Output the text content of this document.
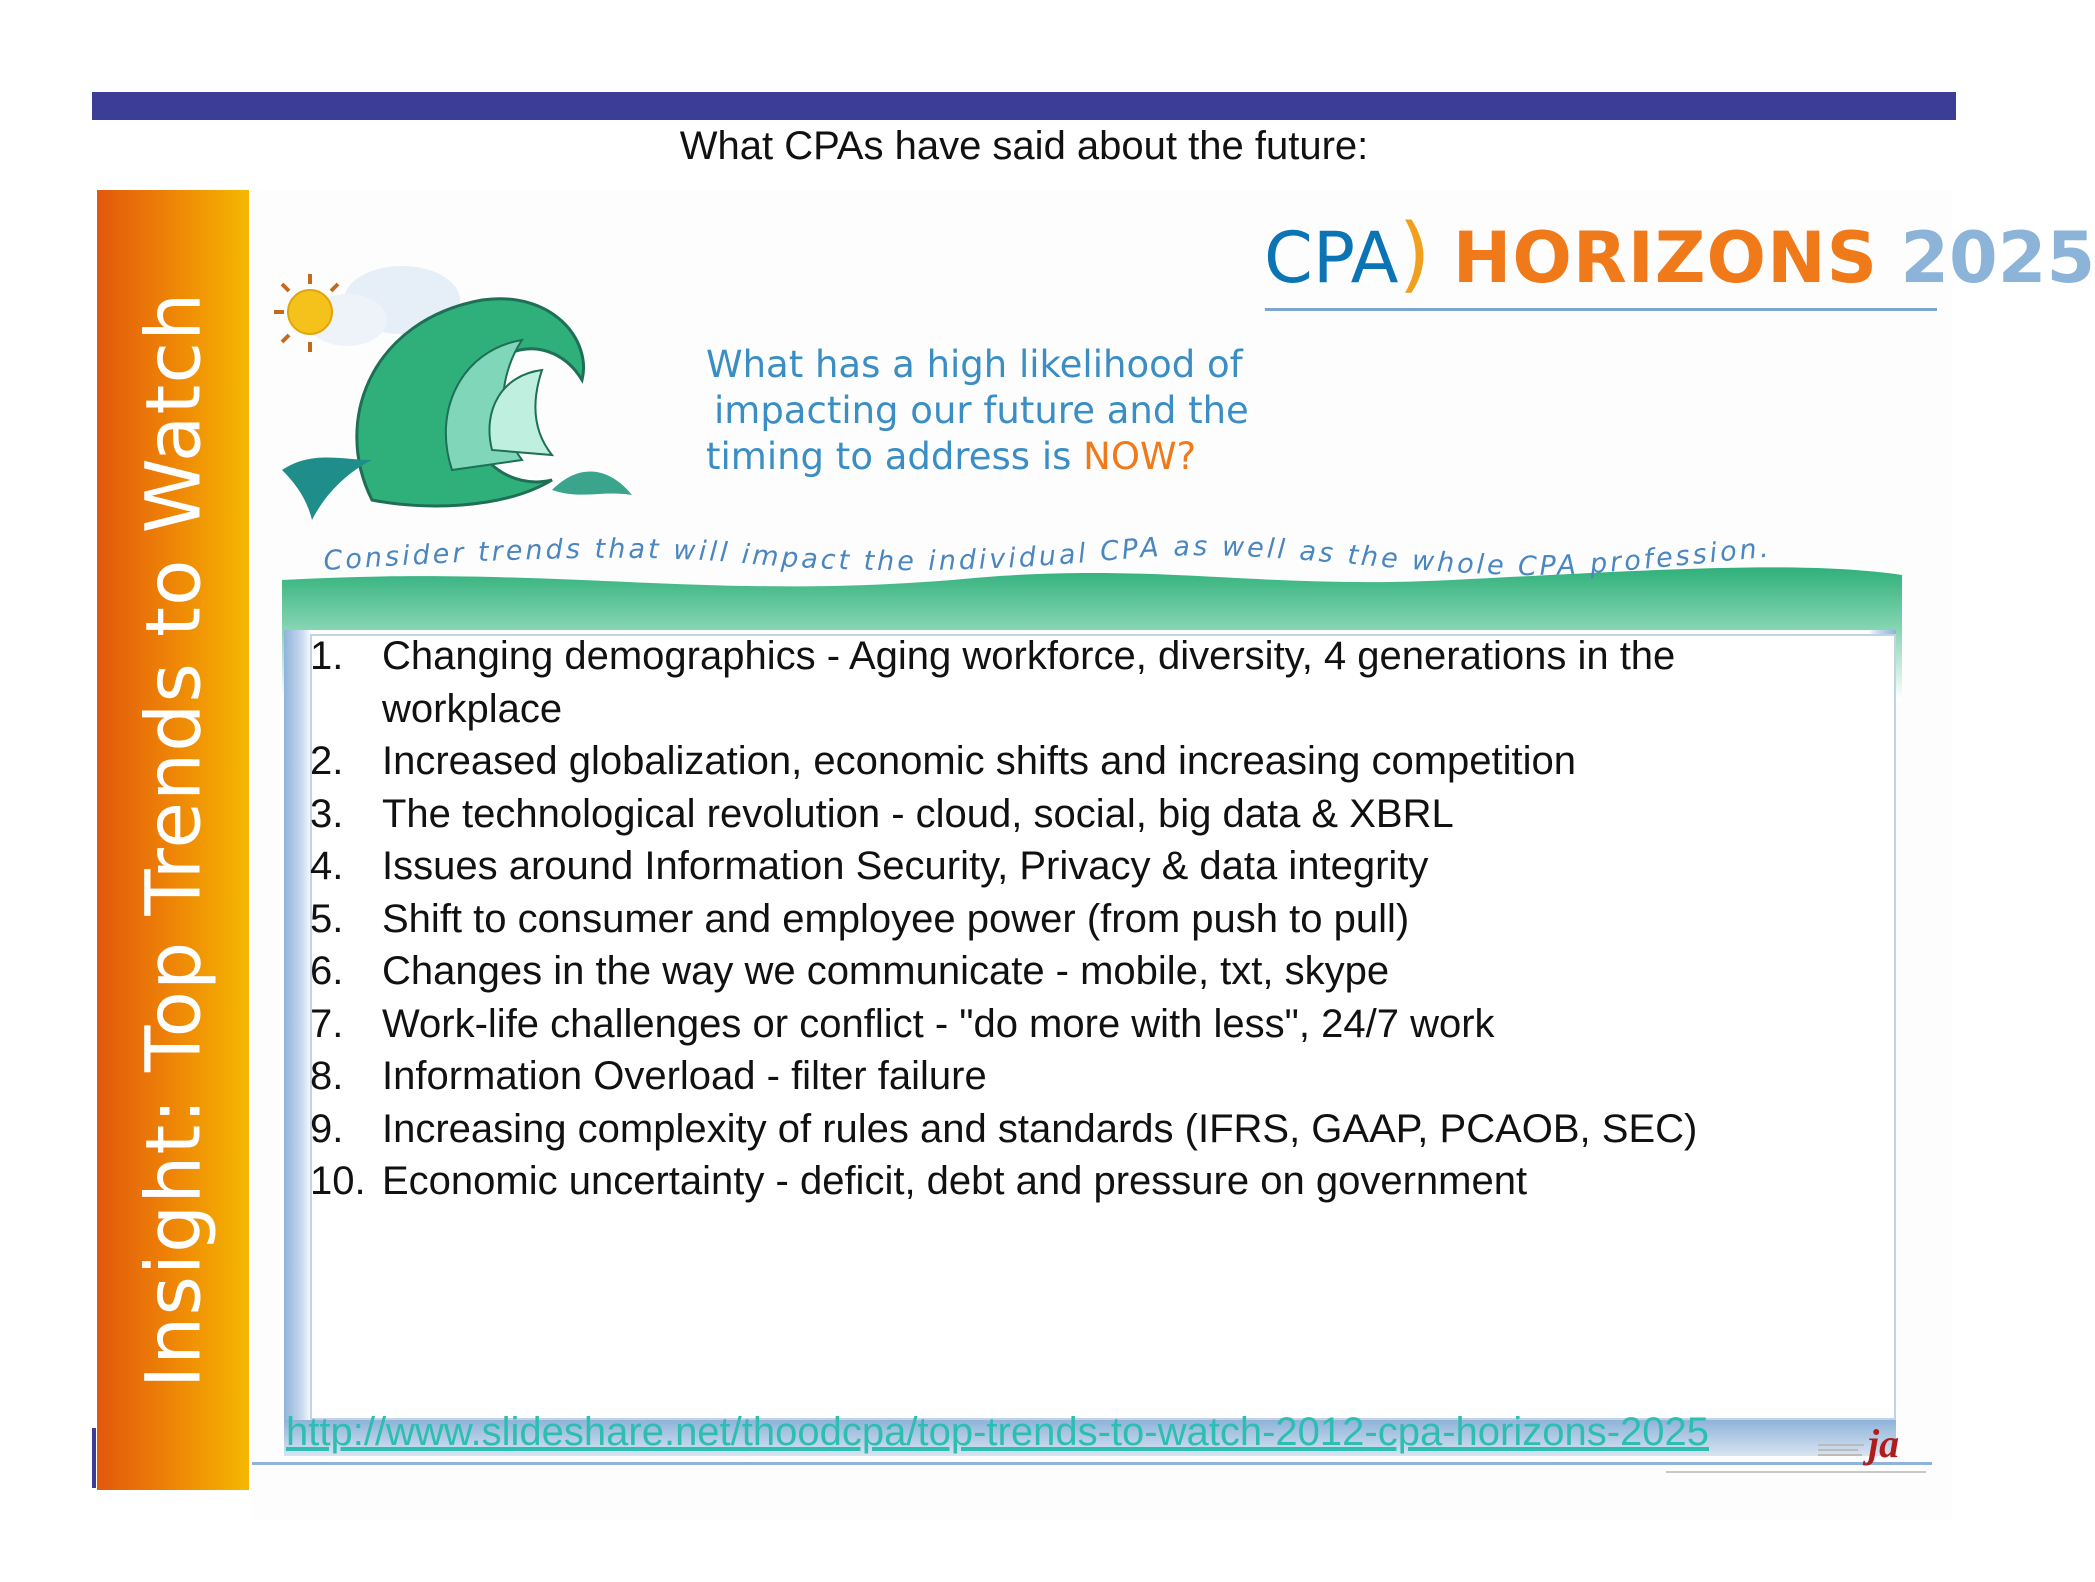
What CPAs have said about the future:
Insight: Top Trends to Watch
CPA) HORIZONS 2025
What has a high likelihood of
impacting our future and the
timing to address is NOW?
Consider trends that will impact the individual CPA as well as the whole CPA profession.
1. Changing demographics - Aging workforce, diversity, 4 generations in the workplace
2. Increased globalization, economic shifts and increasing competition
3. The technological revolution - cloud, social, big data & XBRL
4. Issues around Information Security, Privacy & data integrity
5. Shift to consumer and employee power (from push to pull)
6. Changes in the way we communicate - mobile, txt, skype
7. Work-life challenges or conflict - "do more with less", 24/7 work
8. Information Overload - filter failure
9. Increasing complexity of rules and standards (IFRS, GAAP, PCAOB, SEC)
10. Economic uncertainty - deficit, debt and pressure on government
http://www.slideshare.net/thoodcpa/top-trends-to-watch-2012-cpa-horizons-2025	ja
